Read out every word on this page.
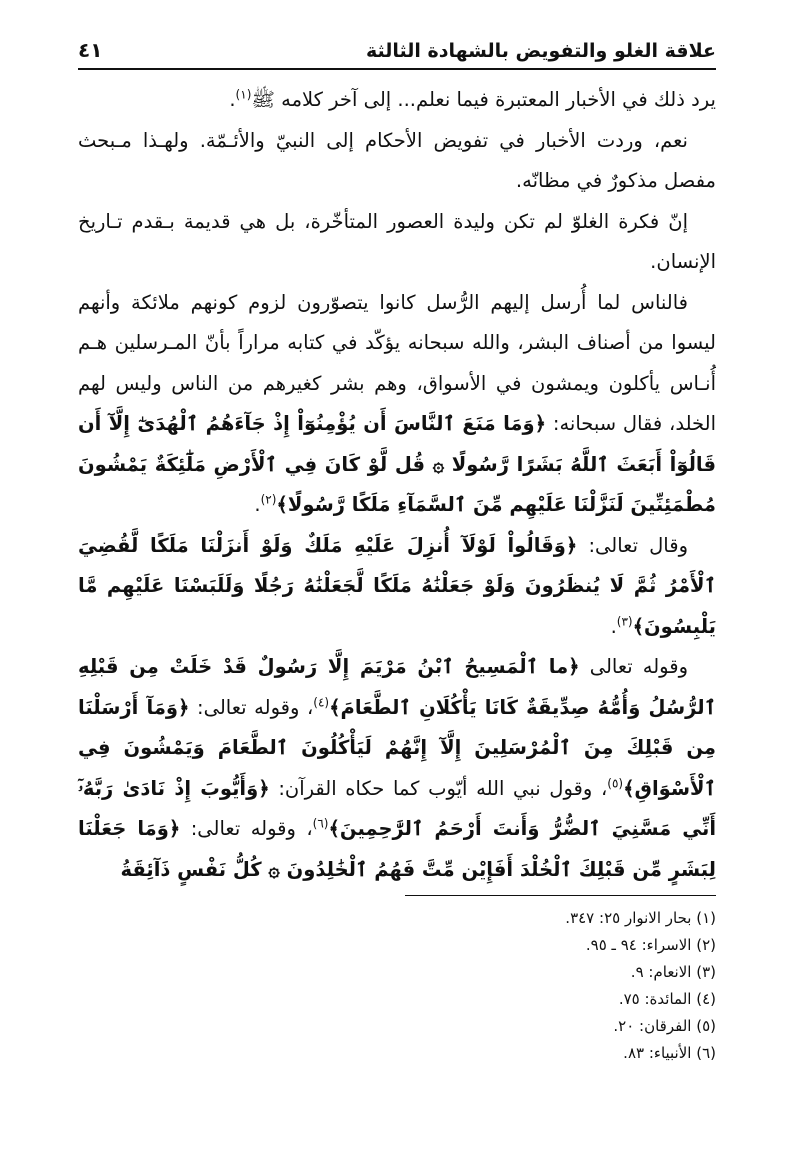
علاقة الغلو والتفويض بالشهادة الثالثة
٤١

يرد ذلك في الأخبار المعتبرة فيما نعلم... إلى آخر كلامه ﷺ$^{(١)}$.

نعم، وردت الأخبار في تفويض الأحكام إلى النبيّ والأئـمّة. ولهـذا مـبحث مفصل مذكورٌ في مظانّه.

إنّ فكرة الغلوّ لم تكن وليدة العصور المتأخّرة، بل هي قديمة بـقدم تـاريخ الإنسان.

فالناس لما أُرسل إليهم الرُّسل كانوا يتصوّرون لزوم كونهم ملائكة وأنهم ليسوا من أصناف البشر، والله سبحانه يؤكّد في كتابه مراراً بأنّ المـرسلين هـم أُنـاس يأكلون ويمشون في الأسواق، وهم بشر كغيرهم من الناس وليس لهم الخلد، فقال سبحانه: ﴿وَمَا مَنَعَ ٱلنَّاسَ أَن يُؤْمِنُوٓاْ إِذْ جَآءَهُمُ ٱلْهُدَىٰٓ إِلَّآ أَن قَالُوٓاْ أَبَعَثَ ٱللَّهُ بَشَرًا رَّسُولًا ۞ قُل لَّوْ كَانَ فِي ٱلْأَرْضِ مَلَٰٓئِكَةٌ يَمْشُونَ مُطْمَئِنِّينَ لَنَزَّلْنَا عَلَيْهِم مِّنَ ٱلسَّمَآءِ مَلَكًا رَّسُولًا﴾$^{(٢)}$.

وقال تعالى: ﴿وَقَالُواْ لَوْلَآ أُنزِلَ عَلَيْهِ مَلَكٌ وَلَوْ أَنزَلْنَا مَلَكًا لَّقُضِيَ ٱلْأَمْرُ ثُمَّ لَا يُنظَرُونَ وَلَوْ جَعَلْنَٰهُ مَلَكًا لَّجَعَلْنَٰهُ رَجُلًا وَلَلَبَسْنَا عَلَيْهِم مَّا يَلْبِسُونَ﴾$^{(٣)}$.

وقوله تعالى ﴿ما ٱلْمَسِيحُ ٱبْنُ مَرْيَمَ إِلَّا رَسُولٌ قَدْ خَلَتْ مِن قَبْلِهِ ٱلرُّسُلُ وَأُمُّهُ صِدِّيقَةٌ كَانَا يَأْكُلَانِ ٱلطَّعَامَ﴾$^{(٤)}$، وقوله تعالى: ﴿وَمَآ أَرْسَلْنَا مِن قَبْلِكَ مِنَ ٱلْمُرْسَلِينَ إِلَّآ إِنَّهُمْ لَيَأْكُلُونَ ٱلطَّعَامَ وَيَمْشُونَ فِي ٱلْأَسْوَاقِ﴾$^{(٥)}$، وقول نبي الله أيّوب كما حكاه القرآن: ﴿وَأَيُّوبَ إِذْ نَادَىٰ رَبَّهُۥٓ أَنِّي مَسَّنِيَ ٱلضُّرُّ وَأَنتَ أَرْحَمُ ٱلرَّٰحِمِينَ﴾$^{(٦)}$، وقوله تعالى: ﴿وَمَا جَعَلْنَا لِبَشَرٍ مِّن قَبْلِكَ ٱلْخُلْدَ أَفَإِيْن مِّتَّ فَهُمُ ٱلْخَٰلِدُونَ ۞ كُلُّ نَفْسٍ ذَآئِقَةُ

(١) بحار الانوار ٢٥: ٣٤٧.
(٢) الاسراء: ٩٤ ـ ٩٥.
(٣) الانعام: ٩.
(٤) المائدة: ٧٥.
(٥) الفرقان: ٢٠.
(٦) الأنبياء: ٨٣.
